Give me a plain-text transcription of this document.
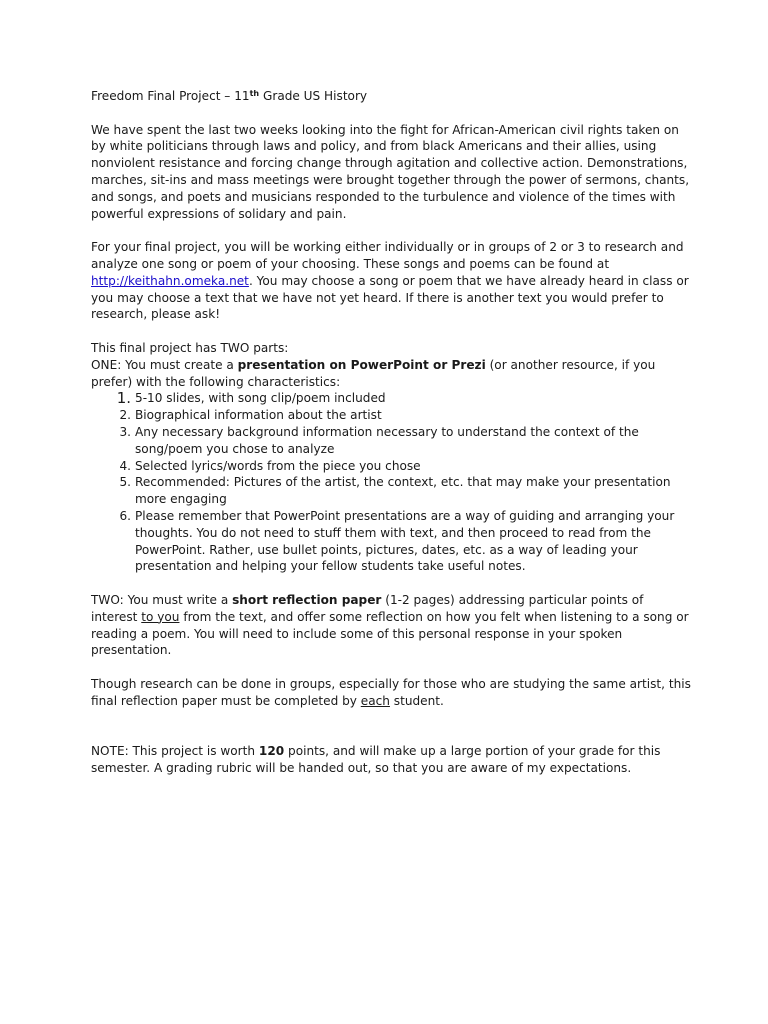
Freedom Final Project – 11th Grade US History

We have spent the last two weeks looking into the fight for African-American civil rights taken on by white politicians through laws and policy, and from black Americans and their allies, using nonviolent resistance and forcing change through agitation and collective action. Demonstrations, marches, sit-ins and mass meetings were brought together through the power of sermons, chants, and songs, and poets and musicians responded to the turbulence and violence of the times with powerful expressions of solidary and pain.

For your final project, you will be working either individually or in groups of 2 or 3 to research and analyze one song or poem of your choosing. These songs and poems can be found at http://keithahn.omeka.net. You may choose a song or poem that we have already heard in class or you may choose a text that we have not yet heard. If there is another text you would prefer to research, please ask!

This final project has TWO parts:

ONE: You must create a presentation on PowerPoint or Prezi (or another resource, if you prefer) with the following characteristics:

1. 5-10 slides, with song clip/poem included
2. Biographical information about the artist
3. Any necessary background information necessary to understand the context of the song/poem you chose to analyze
4. Selected lyrics/words from the piece you chose
5. Recommended: Pictures of the artist, the context, etc. that may make your presentation more engaging
6. Please remember that PowerPoint presentations are a way of guiding and arranging your thoughts. You do not need to stuff them with text, and then proceed to read from the PowerPoint. Rather, use bullet points, pictures, dates, etc. as a way of leading your presentation and helping your fellow students take useful notes.

TWO: You must write a short reflection paper (1-2 pages) addressing particular points of interest to you from the text, and offer some reflection on how you felt when listening to a song or reading a poem. You will need to include some of this personal response in your spoken presentation.

Though research can be done in groups, especially for those who are studying the same artist, this final reflection paper must be completed by each student.

NOTE: This project is worth 120 points, and will make up a large portion of your grade for this semester. A grading rubric will be handed out, so that you are aware of my expectations.
